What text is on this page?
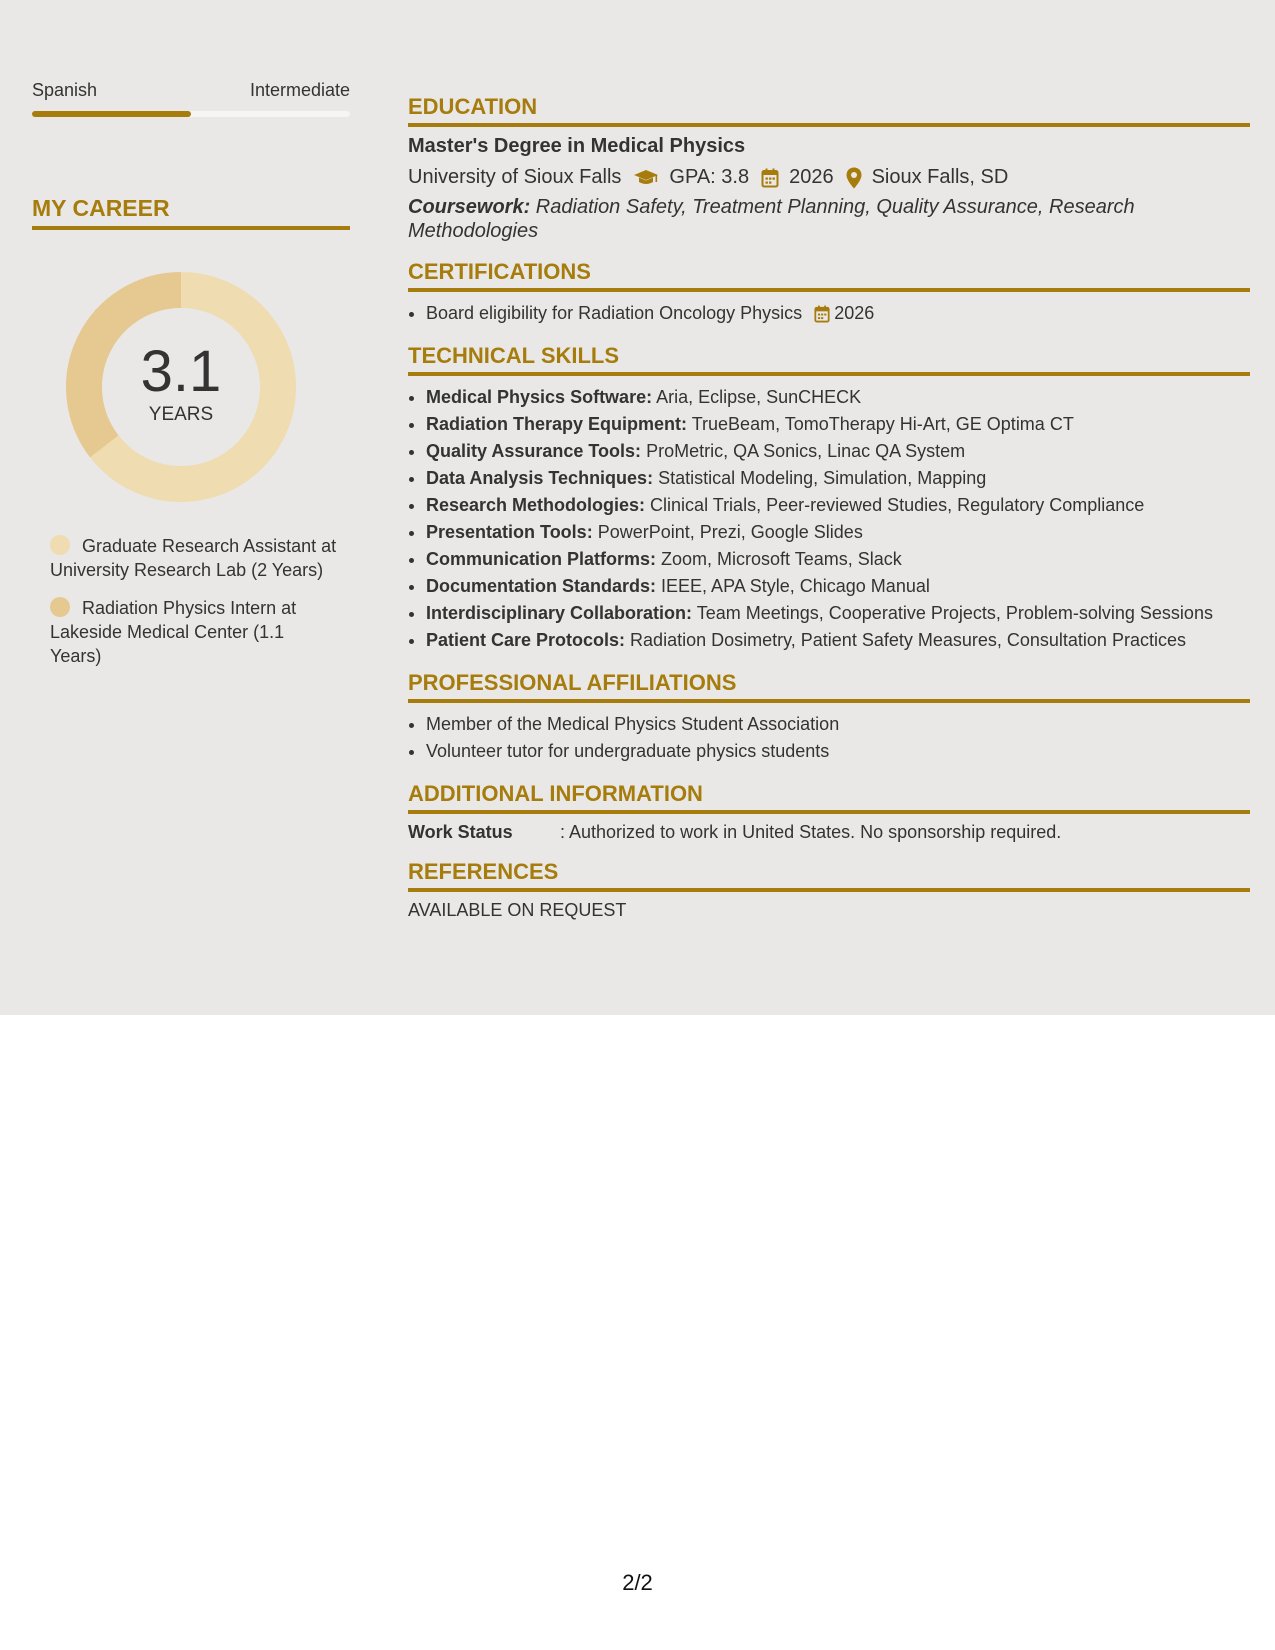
Spanish	Intermediate
MY CAREER
3.1
YEARS
Graduate Research Assistant at University Research Lab (2 Years)
Radiation Physics Intern at Lakeside Medical Center (1.1 Years)
EDUCATION
Master's Degree in Medical Physics
University of Sioux Falls GPA: 3.8 2026 Sioux Falls, SD
Coursework: Radiation Safety, Treatment Planning, Quality Assurance, Research Methodologies
CERTIFICATIONS
• Board eligibility for Radiation Oncology Physics 2026
TECHNICAL SKILLS
• Medical Physics Software: Aria, Eclipse, SunCHECK
• Radiation Therapy Equipment: TrueBeam, TomoTherapy Hi-Art, GE Optima CT
• Quality Assurance Tools: ProMetric, QA Sonics, Linac QA System
• Data Analysis Techniques: Statistical Modeling, Simulation, Mapping
• Research Methodologies: Clinical Trials, Peer-reviewed Studies, Regulatory Compliance
• Presentation Tools: PowerPoint, Prezi, Google Slides
• Communication Platforms: Zoom, Microsoft Teams, Slack
• Documentation Standards: IEEE, APA Style, Chicago Manual
• Interdisciplinary Collaboration: Team Meetings, Cooperative Projects, Problem-solving Sessions
• Patient Care Protocols: Radiation Dosimetry, Patient Safety Measures, Consultation Practices
PROFESSIONAL AFFILIATIONS
• Member of the Medical Physics Student Association
• Volunteer tutor for undergraduate physics students
ADDITIONAL INFORMATION
Work Status	: Authorized to work in United States. No sponsorship required.
REFERENCES
AVAILABLE ON REQUEST
2/2
